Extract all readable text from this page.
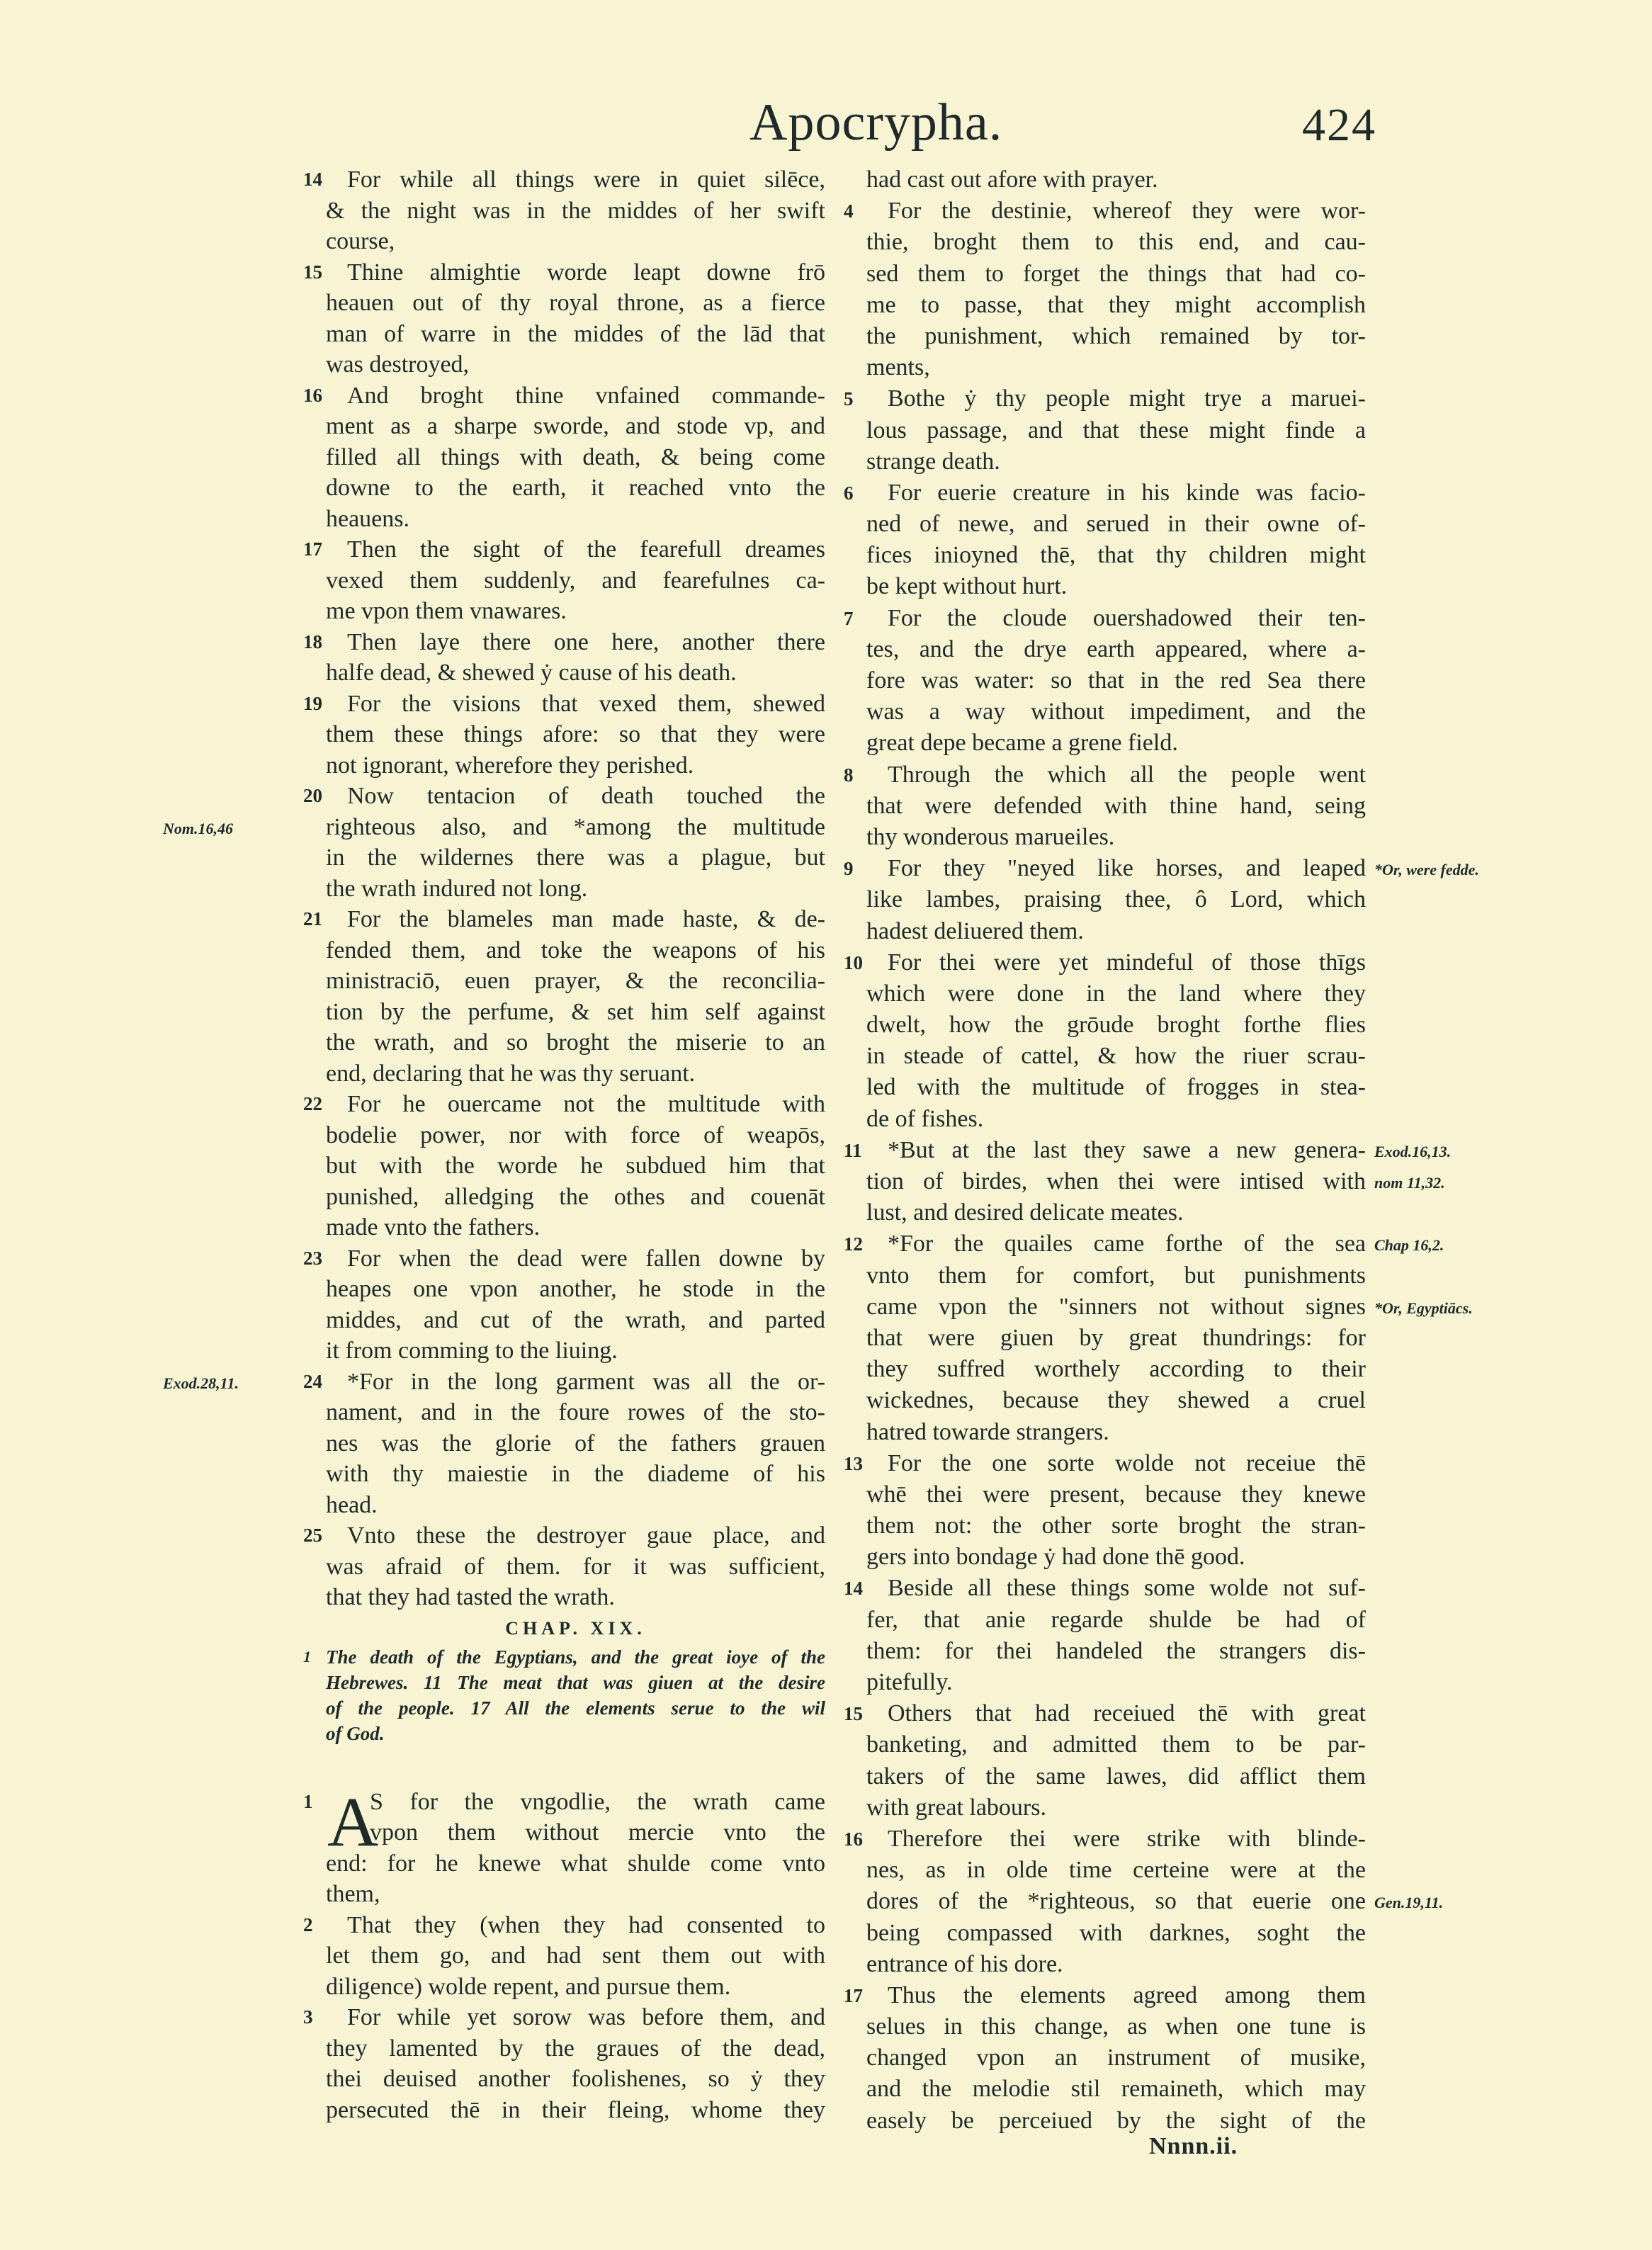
Apocrypha.	424
14 For while all things were in quiet silēce,
& the night was in the middes of her swift
course,
15 Thine almightie worde leapt downe frō
heauen out of thy royal throne, as a fierce
man of warre in the middes of the lād that
was destroyed,
16 And broght thine vnfained commande-
ment as a sharpe sworde, and stode vp, and
filled all things with death, & being come
downe to the earth, it reached vnto the
heauens.
17 Then the sight of the fearefull dreames
vexed them suddenly, and fearefulnes ca-
me vpon them vnawares.
18 Then laye there one here, another there
halfe dead, & shewed ẏ cause of his death.
19 For the visions that vexed them, shewed
them these things afore: so that they were
not ignorant, wherefore they perished.
20 Now tentacion of death touched the
righteous also, and *among the multitude
Nom.16,46
in the wildernes there was a plague, but
the wrath indured not long.
21 For the blameles man made haste, & de-
fended them, and toke the weapons of his
ministraciō, euen prayer, & the reconcilia-
tion by the perfume, & set him self against
the wrath, and so broght the miserie to an
end, declaring that he was thy seruant.
22 For he ouercame not the multitude with
bodelie power, nor with force of weapōs,
but with the worde he subdued him that
punished, alledging the othes and couenāt
made vnto the fathers.
23 For when the dead were fallen downe by
heapes one vpon another, he stode in the
middes, and cut of the wrath, and parted
it from comming to the liuing.
24 *For in the long garment was all the or-
Exod.28,11.
nament, and in the foure rowes of the sto-
nes was the glorie of the fathers grauen
with thy maiestie in the diademe of his
head.
25 Vnto these the destroyer gaue place, and
was afraid of them. for it was sufficient,
that they had tasted the wrath.
CHAP. XIX.
1 The death of the Egyptians, and the great ioye of the
Hebrewes. 11 The meat that was giuen at the desire
of the people. 17 All the elements serue to the wil
of God.
1 A
S for the vngodlie, the wrath came
vpon them without mercie vnto the
end: for he knewe what shulde come vnto
them,
2 That they (when they had consented to
let them go, and had sent them out with
diligence) wolde repent, and pursue them.
3 For while yet sorow was before them, and
they lamented by the graues of the dead,
thei deuised another foolishenes, so ẏ they
persecuted thē in their fleing, whome they
had cast out afore with prayer.
4 For the destinie, whereof they were wor-
thie, broght them to this end, and cau-
sed them to forget the things that had co-
me to passe, that they might accomplish
the punishment, which remained by tor-
ments,
5 Bothe ẏ thy people might trye a maruei-
lous passage, and that these might finde a
strange death.
6 For euerie creature in his kinde was facio-
ned of newe, and serued in their owne of-
fices inioyned thē, that thy children might
be kept without hurt.
7 For the cloude ouershadowed their ten-
tes, and the drye earth appeared, where a-
fore was water: so that in the red Sea there
was a way without impediment, and the
great depe became a grene field.
8 Through the which all the people went
that were defended with thine hand, seing
thy wonderous marueiles.
9 For they "neyed like horses, and leaped *Or, were fedde.
like lambes, praising thee, ô Lord, which
hadest deliuered them.
10 For thei were yet mindeful of those thīgs
which were done in the land where they
dwelt, how the grōude broght forthe flies
in steade of cattel, & how the riuer scrau-
led with the multitude of frogges in stea-
de of fishes.
11 *But at the last they sawe a new genera- Exod.16,13.
tion of birdes, when thei were intised with nom 11,32.
lust, and desired delicate meates.
12 *For the quailes came forthe of the sea Chap 16,2.
vnto them for comfort, but punishments
came vpon the "sinners not without signes *Or, Egyptiācs.
that were giuen by great thundrings: for
they suffred worthely according to their
wickednes, because they shewed a cruel
hatred towarde strangers.
13 For the one sorte wolde not receiue thē
whē thei were present, because they knewe
them not: the other sorte broght the stran-
gers into bondage ẏ had done thē good.
14 Beside all these things some wolde not suf-
fer, that anie regarde shulde be had of
them: for thei handeled the strangers dis-
pitefully.
15 Others that had receiued thē with great
banketing, and admitted them to be par-
takers of the same lawes, did afflict them
with great labours.
16 Therefore thei were strike with blinde-
nes, as in olde time certeine were at the
dores of the *righteous, so that euerie one Gen.19,11.
being compassed with darknes, soght the
entrance of his dore.
17 Thus the elements agreed among them
selues in this change, as when one tune is
changed vpon an instrument of musike,
and the melodie stil remaineth, which may
easely be perceiued by the sight of the
Nnnn.ii.
